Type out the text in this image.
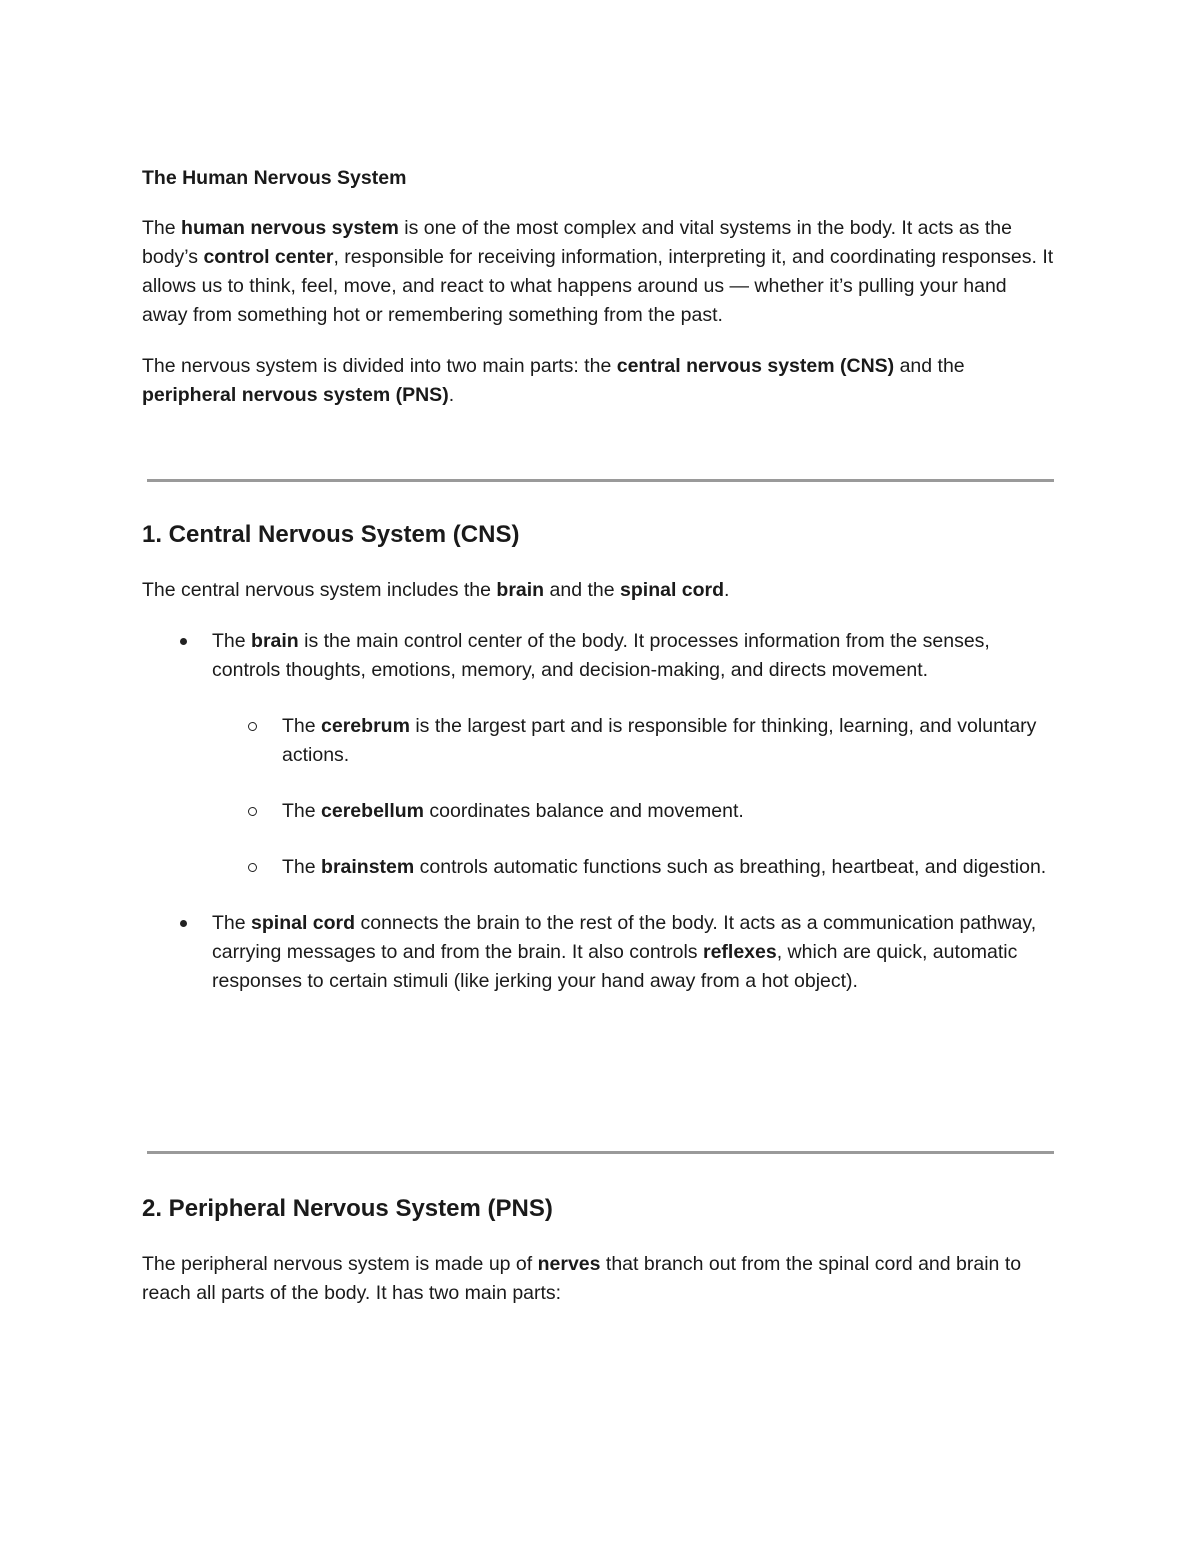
The Human Nervous System

The human nervous system is one of the most complex and vital systems in the body. It acts as the body’s control center, responsible for receiving information, interpreting it, and coordinating responses. It allows us to think, feel, move, and react to what happens around us — whether it’s pulling your hand away from something hot or remembering something from the past.

The nervous system is divided into two main parts: the central nervous system (CNS) and the peripheral nervous system (PNS).

1. Central Nervous System (CNS)

The central nervous system includes the brain and the spinal cord.

The brain is the main control center of the body. It processes information from the senses, controls thoughts, emotions, memory, and decision-making, and directs movement.
The cerebrum is the largest part and is responsible for thinking, learning, and voluntary actions.
The cerebellum coordinates balance and movement.
The brainstem controls automatic functions such as breathing, heartbeat, and digestion.
The spinal cord connects the brain to the rest of the body. It acts as a communication pathway, carrying messages to and from the brain. It also controls reflexes, which are quick, automatic responses to certain stimuli (like jerking your hand away from a hot object).
2. Peripheral Nervous System (PNS)

The peripheral nervous system is made up of nerves that branch out from the spinal cord and brain to reach all parts of the body. It has two main parts:
